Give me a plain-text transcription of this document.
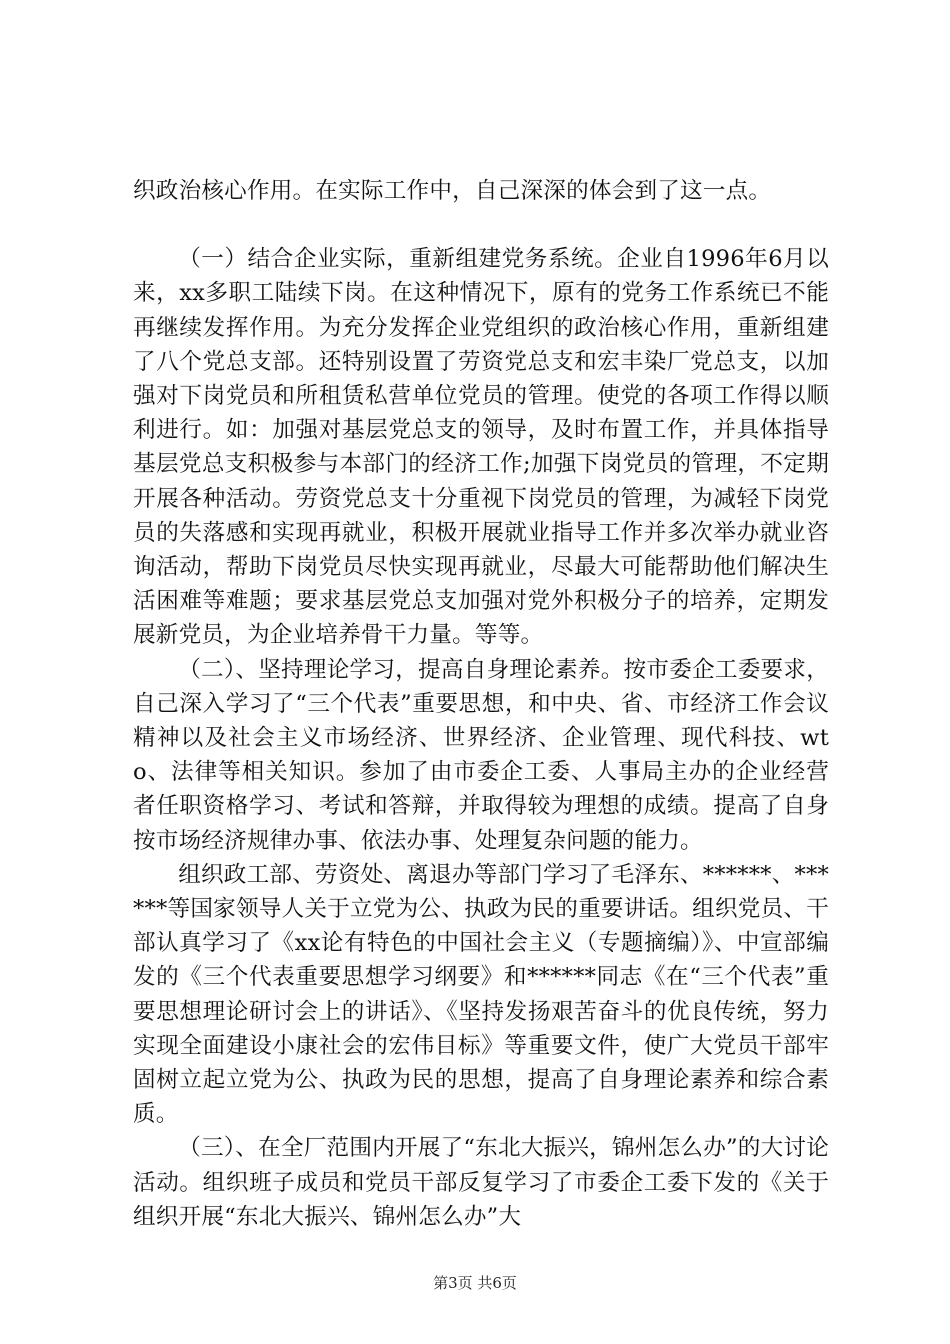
织政治核心作用。在实际工作中，自己深深的体会到了这一点。

（一）结合企业实际，重新组建党务系统。企业自1996年6月以来，xx多职工陆续下岗。在这种情况下，原有的党务工作系统已不能再继续发挥作用。为充分发挥企业党组织的政治核心作用，重新组建了八个党总支部。还特别设置了劳资党总支和宏丰染厂党总支，以加强对下岗党员和所租赁私营单位党员的管理。使党的各项工作得以顺利进行。如：加强对基层党总支的领导，及时布置工作，并具体指导基层党总支积极参与本部门的经济工作;加强下岗党员的管理，不定期开展各种活动。劳资党总支十分重视下岗党员的管理，为减轻下岗党员的失落感和实现再就业，积极开展就业指导工作并多次举办就业咨询活动，帮助下岗党员尽快实现再就业，尽最大可能帮助他们解决生活困难等难题；要求基层党总支加强对党外积极分子的培养，定期发展新党员，为企业培养骨干力量。等等。

（二）、坚持理论学习，提高自身理论素养。按市委企工委要求，自己深入学习了“三个代表”重要思想，和中央、省、市经济工作会议精神以及社会主义市场经济、世界经济、企业管理、现代科技、wto、法律等相关知识。参加了由市委企工委、人事局主办的企业经营者任职资格学习、考试和答辩，并取得较为理想的成绩。提高了自身按市场经济规律办事、依法办事、处理复杂问题的能力。

组织政工部、劳资处、离退办等部门学习了毛泽东、******、******等国家领导人关于立党为公、执政为民的重要讲话。组织党员、干部认真学习了《xx论有特色的中国社会主义（专题摘编）》、中宣部编发的《三个代表重要思想学习纲要》和******同志《在“三个代表”重要思想理论研讨会上的讲话》、《坚持发扬艰苦奋斗的优良传统，努力实现全面建设小康社会的宏伟目标》等重要文件，使广大党员干部牢固树立起立党为公、执政为民的思想，提高了自身理论素养和综合素质。

（三）、在全厂范围内开展了“东北大振兴，锦州怎么办”的大讨论活动。组织班子成员和党员干部反复学习了市委企工委下发的《关于组织开展“东北大振兴、锦州怎么办”大

第3页 共6页
